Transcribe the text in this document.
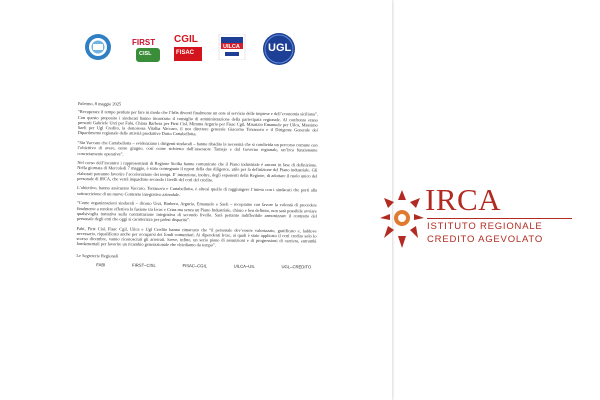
FIRST
CISL
CGIL
FISAC
UILCA	UGL

Palermo, 8 maggio 2025

“Recuperare il tempo perduto per fare in modo che l’Irfis diventi finalmente un ente al servizio delle imprese e dell’economia siciliana”. Con questo proposito i sindacati hanno incontrato il consiglio di amministrazione della partecipata regionale. Al confronto erano presenti Gabriele Urzi per Fabi, Chiara Barbera per First Cisl, Mimma Argurio per Fisac Cgil, Maurizio Emanuele per Uilca, Massimo Saeli per Ugl Credito, la dottoressa Vitalba Vaccaro, il neo direttore generale Giacomo Terranova e il Dirigente Generale del Dipartimento regionale delle attività produttive Dario Cartabellotta.

“Sia Vaccaro che Cartabellotta – evidenziano i dirigenti sindacali – hanno ribadito la necessità che si condivida un percorso comune con l’obiettivo di avere, entro giugno, così come richiesto dall’assessore Tamajo e dal Governo regionale, un’Irca funzionante concretamente operativa”.

Nel corso dell’incontro i rappresentanti di Regione Sicilia hanno comunicato che il Piano industriale è ancora in fase di definizione. Nella giornata di Mercoledì 7 maggio, è stato consegnato il report della due diligence, utile per la definizione del Piano industriale. Gli elaborati potranno favorire l’accelerazione dei tempi. E’ intenzione, inoltre, degli esponenti della Regione, di adottare il ruolo unico del personale di IRCA, che verrà inquadrato secondo i livelli del ccnl del credito.

L’obiettivo, hanno assicurato Vaccaro, Terranova e Cartabellotta, è altresì quello di raggiungere l’intesa con i sindacati che porti alla sottoscrizione di un nuovo Contratto integrativo aziendale.

“Come organizzazioni sindacali – dicono Urzi, Barbera, Argurio, Emanuele e Saeli – recepiamo con favore la volontà di procedere finalmente a rendere effettiva la fusione tra Ircac e Crias ma senza un Piano Industriale, chiaro e ben definito, non sarà possibile avviare qualsivoglia trattativa sulla contrattazione integrativa di secondo livello. Sarà pertanto indifferibile armonizzare il contratto del personale degli enti che oggi si caratterizza per palesi disparità”.

Fabi, First Cisl, Fisac Cgil, Uilca e Ugl Credito hanno rimarcato che “il personale dev’essere valorizzato, gratificato e, laddove necessario, riqualificato anche per occuparsi dei fondi comunitari. Ai dipendenti Ircac, ai quali è stato applicato il ccnl credito solo lo scorso dicembre, vanno riconosciuti gli arretrati. Serve, infine, un serio piano di assunzioni e di progressioni di carriera, entrambi fondamentali per favorire un ricambio generazionale che chiediamo da tempo”.

Le Segreterie Regionali
FABI	FIRST–CISL	FISAC–CGIL	UILCA–UIL	UGL–CREDITO
IRCA
ISTITUTO REGIONALE
CREDITO AGEVOLATO
